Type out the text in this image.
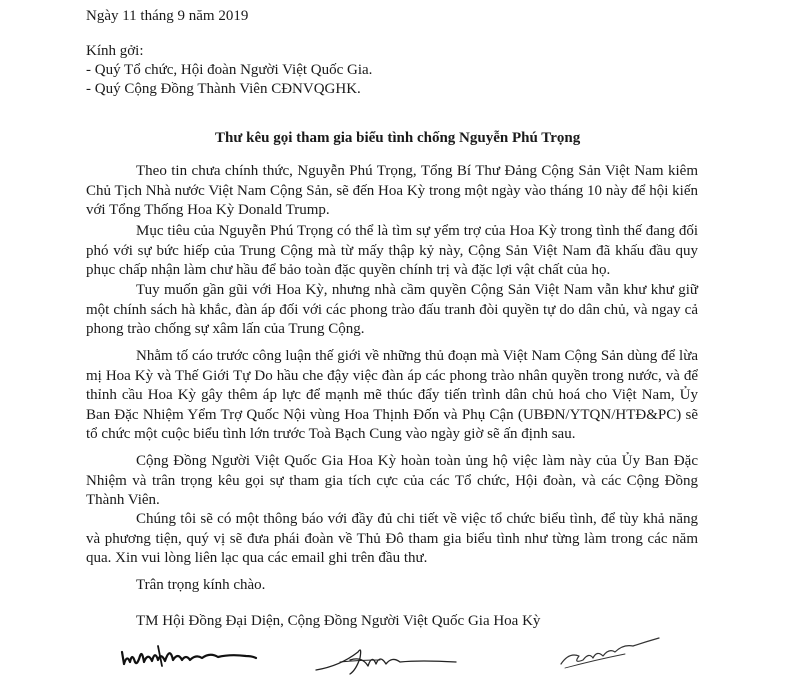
Ngày 11 tháng 9 năm 2019
Kính gởi:
- Quý Tổ chức, Hội đoàn Người Việt Quốc Gia.
- Quý Cộng Đồng Thành Viên CĐNVQGHK.
Thư kêu gọi tham gia biểu tình chống Nguyễn Phú Trọng
Theo tin chưa chính thức, Nguyễn Phú Trọng, Tổng Bí Thư Đảng Cộng Sản Việt Nam kiêm Chủ Tịch Nhà nước Việt Nam Cộng Sản, sẽ đến Hoa Kỳ trong một ngày vào tháng 10 này để hội kiến với Tổng Thống Hoa Kỳ Donald Trump.
Mục tiêu của Nguyễn Phú Trọng có thể là tìm sự yểm trợ của Hoa Kỳ trong tình thế đang đối phó với sự bức hiếp của Trung Cộng mà từ mấy thập kỷ này, Cộng Sản Việt Nam đã khấu đầu quy phục chấp nhận làm chư hầu để bảo toàn đặc quyền chính trị và đặc lợi vật chất của họ.
Tuy muốn gần gũi với Hoa Kỳ, nhưng nhà cầm quyền Cộng Sản Việt Nam vẫn khư khư giữ một chính sách hà khắc, đàn áp đối với các phong trào đấu tranh đòi quyền tự do dân chủ, và ngay cả phong trào chống sự xâm lấn của Trung Cộng.
Nhằm tố cáo trước công luận thế giới về những thủ đoạn mà Việt Nam Cộng Sản dùng để lừa mị Hoa Kỳ và Thế Giới Tự Do hầu che đậy việc đàn áp các phong trào nhân quyền trong nước, và để thỉnh cầu Hoa Kỳ gây thêm áp lực để mạnh mẽ thúc đẩy tiến trình dân chủ hoá cho Việt Nam, Ủy Ban Đặc Nhiệm Yểm Trợ Quốc Nội vùng Hoa Thịnh Đốn và Phụ Cận (UBĐN/YTQN/HTĐ&PC) sẽ tổ chức một cuộc biểu tình lớn trước Toà Bạch Cung vào ngày giờ sẽ ấn định sau.
Cộng Đồng Người Việt Quốc Gia Hoa Kỳ hoàn toàn ủng hộ việc làm này của Ủy Ban Đặc Nhiệm và trân trọng kêu gọi sự tham gia tích cực của các Tổ chức, Hội đoàn, và các Cộng Đồng Thành Viên.
Chúng tôi sẽ có một thông báo với đầy đủ chi tiết về việc tổ chức biểu tình, để tùy khả năng và phương tiện, quý vị sẽ đưa phái đoàn về Thủ Đô tham gia biểu tình như từng làm trong các năm qua. Xin vui lòng liên lạc qua các email ghi trên đầu thư.
Trân trọng kính chào.
TM Hội Đồng Đại Diện, Cộng Đồng Người Việt Quốc Gia Hoa Kỳ
